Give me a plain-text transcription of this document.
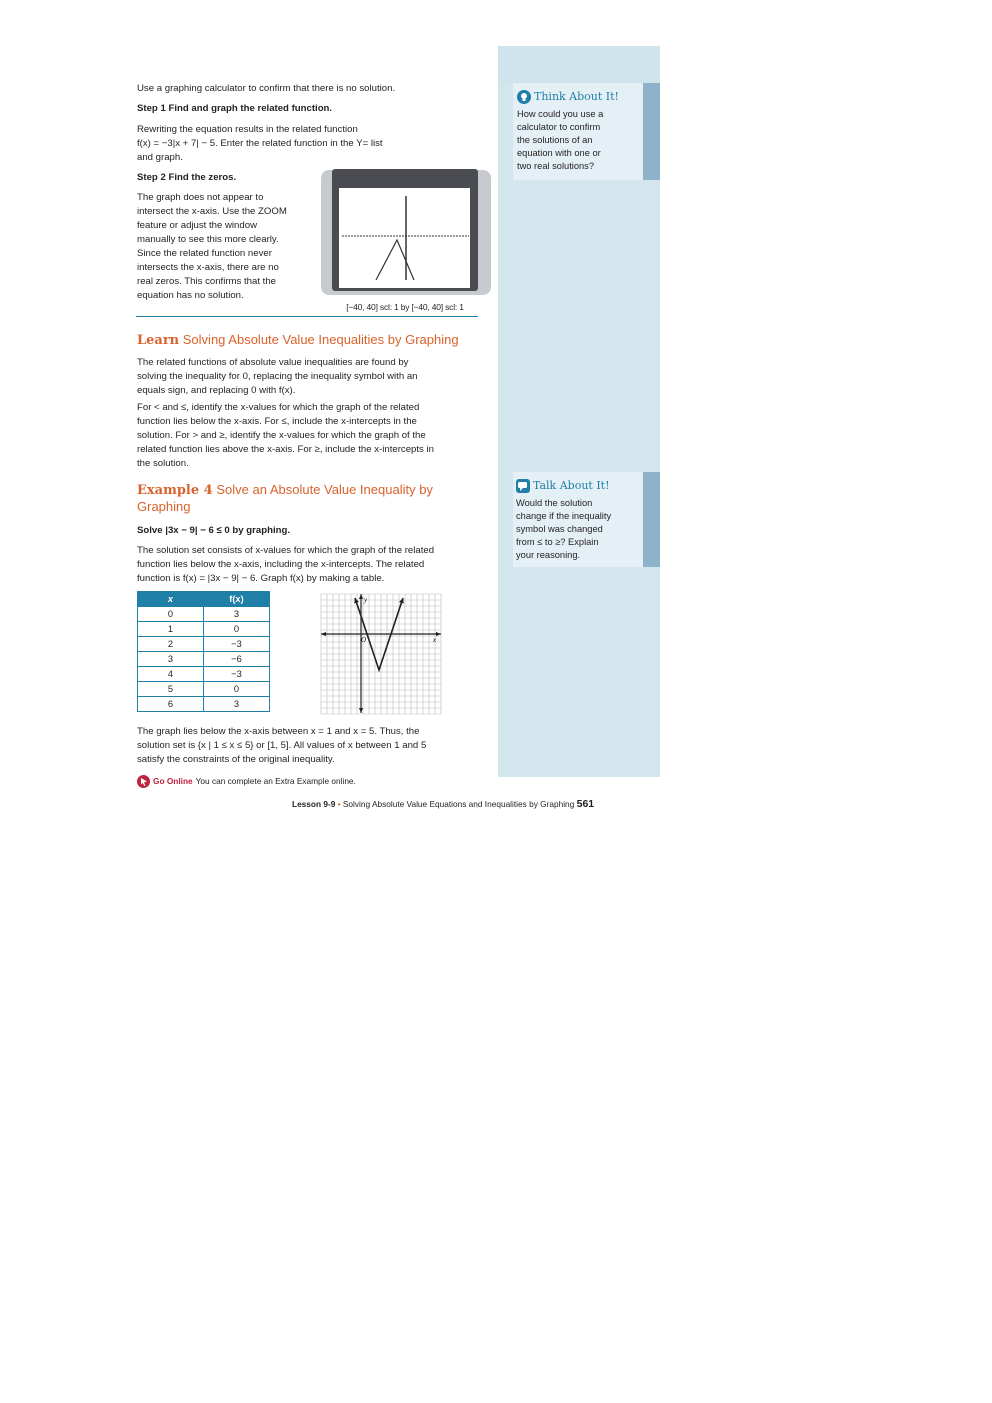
Think About It!
How could you use a
calculator to confirm
the solutions of an
equation with one or
two real solutions?
Talk About It!
Would the solution
change if the inequality
symbol was changed
from ≤ to ≥? Explain
your reasoning.

Use a graphing calculator to confirm that there is no solution.

Step 1 Find and graph the related function.

Rewriting the equation results in the related function
f(x) = −3|x + 7| − 5. Enter the related function in the Y= list
and graph.

Step 2 Find the zeros.

The graph does not appear to
intersect the x-axis. Use the ZOOM
feature or adjust the window
manually to see this more clearly.
Since the related function never
intersects the x-axis, there are no
real zeros. This confirms that the
equation has no solution.
[−40, 40] scl: 1 by [−40, 40] scl: 1
Learn Solving Absolute Value Inequalities by Graphing
The related functions of absolute value inequalities are found by
solving the inequality for 0, replacing the inequality symbol with an
equals sign, and replacing 0 with f(x).
For < and ≤, identify the x-values for which the graph of the related
function lies below the x-axis. For ≤, include the x-intercepts in the
solution. For > and ≥, identify the x-values for which the graph of the
related function lies above the x-axis. For ≥, include the x-intercepts in
the solution.
Example 4 Solve an Absolute Value Inequality by
Graphing

Solve |3x − 9| − 6 ≤ 0 by graphing.

The solution set consists of x-values for which the graph of the related
function lies below the x-axis, including the x-intercepts. The related
function is f(x) = |3x − 9| − 6. Graph f(x) by making a table.
x	f(x)
0	3
1	0
2	−3
3	−6
4	−3
5	0
6	3
y
x
O
The graph lies below the x-axis between x = 1 and x = 5. Thus, the
solution set is {x | 1 ≤ x ≤ 5} or [1, 5]. All values of x between 1 and 5
satisfy the constraints of the original inequality.
Go Online You can complete an Extra Example online.
Lesson 9-9 • Solving Absolute Value Equations and Inequalities by Graphing 561
